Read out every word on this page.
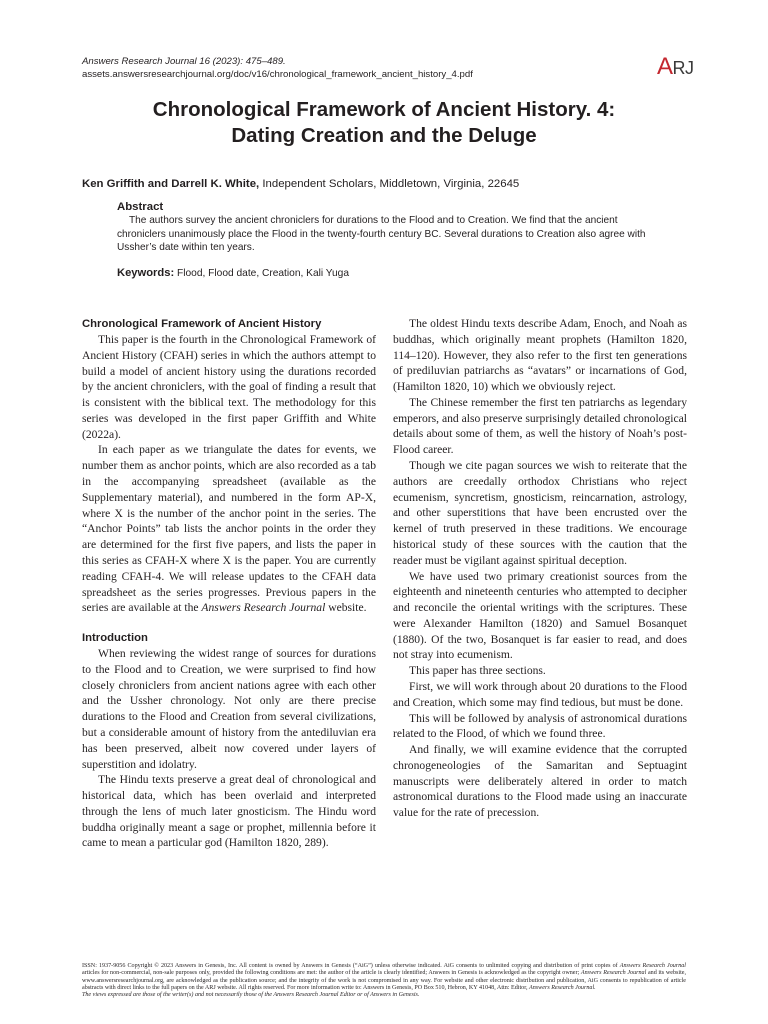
Answers Research Journal 16 (2023): 475–489.
assets.answersresearchjournal.org/doc/v16/chronological_framework_ancient_history_4.pdf	ARJ
Chronological Framework of Ancient History. 4:
Dating Creation and the Deluge
Ken Griffith and Darrell K. White, Independent Scholars, Middletown, Virginia, 22645
Abstract
The authors survey the ancient chroniclers for durations to the Flood and to Creation. We find that the ancient chroniclers unanimously place the Flood in the twenty-fourth century BC. Several durations to Creation also agree with Ussher’s date within ten years.
Keywords: Flood, Flood date, Creation, Kali Yuga
Chronological Framework of Ancient History

This paper is the fourth in the Chronological Framework of Ancient History (CFAH) series in which the authors attempt to build a model of ancient history using the durations recorded by the ancient chroniclers, with the goal of finding a result that is consistent with the biblical text. The methodology for this series was developed in the first paper Griffith and White (2022a).

In each paper as we triangulate the dates for events, we number them as anchor points, which are also recorded as a tab in the accompanying spreadsheet (available as the Supplementary material), and numbered in the form AP-X, where X is the number of the anchor point in the series. The “Anchor Points” tab lists the anchor points in the order they are determined for the first five papers, and lists the paper in this series as CFAH-X where X is the paper. You are currently reading CFAH-4. We will release updates to the CFAH data spreadsheet as the series progresses. Previous papers in the series are available at the Answers Research Journal website.

Introduction

When reviewing the widest range of sources for durations to the Flood and to Creation, we were surprised to find how closely chroniclers from ancient nations agree with each other and the Ussher chronology. Not only are there precise durations to the Flood and Creation from several civilizations, but a considerable amount of history from the antediluvian era has been preserved, albeit now covered under layers of superstition and idolatry.

The Hindu texts preserve a great deal of chronological and historical data, which has been overlaid and interpreted through the lens of much later gnosticism. The Hindu word buddha originally meant a sage or prophet, millennia before it came to mean a particular god (Hamilton 1820, 289).

The oldest Hindu texts describe Adam, Enoch, and Noah as buddhas, which originally meant prophets (Hamilton 1820, 114–120). However, they also refer to the first ten generations of prediluvian patriarchs as “avatars” or incarnations of God, (Hamilton 1820, 10) which we obviously reject.

The Chinese remember the first ten patriarchs as legendary emperors, and also preserve surprisingly detailed chronological details about some of them, as well the history of Noah’s post-Flood career.

Though we cite pagan sources we wish to reiterate that the authors are creedally orthodox Christians who reject ecumenism, syncretism, gnosticism, reincarnation, astrology, and other superstitions that have been encrusted over the kernel of truth preserved in these traditions. We encourage historical study of these sources with the caution that the reader must be vigilant against spiritual deception.

We have used two primary creationist sources from the eighteenth and nineteenth centuries who attempted to decipher and reconcile the oriental writings with the scriptures. These were Alexander Hamilton (1820) and Samuel Bosanquet (1880). Of the two, Bosanquet is far easier to read, and does not stray into ecumenism.

This paper has three sections.

First, we will work through about 20 durations to the Flood and Creation, which some may find tedious, but must be done.

This will be followed by analysis of astronomical durations related to the Flood, of which we found three.

And finally, we will examine evidence that the corrupted chronogeneologies of the Samaritan and Septuagint manuscripts were deliberately altered in order to match astronomical durations to the Flood made using an inaccurate value for the rate of precession.

ISSN: 1937-9056 Copyright © 2023 Answers in Genesis, Inc. All content is owned by Answers in Genesis (“AiG”) unless otherwise indicated. AiG consents to unlimited copying and distribution of print copies of Answers Research Journal articles for non-commercial, non-sale purposes only, provided the following conditions are met: the author of the article is clearly identified; Answers in Genesis is acknowledged as the copyright owner; Answers Research Journal and its website, www.answersresearchjournal.org, are acknowledged as the publication source; and the integrity of the work is not compromised in any way. For website and other electronic distribution and publication, AiG consents to republication of article abstracts with direct links to the full papers on the ARJ website. All rights reserved. For more information write to: Answers in Genesis, PO Box 510, Hebron, KY 41048, Attn: Editor, Answers Research Journal.
The views expressed are those of the writer(s) and not necessarily those of the Answers Research Journal Editor or of Answers in Genesis.
